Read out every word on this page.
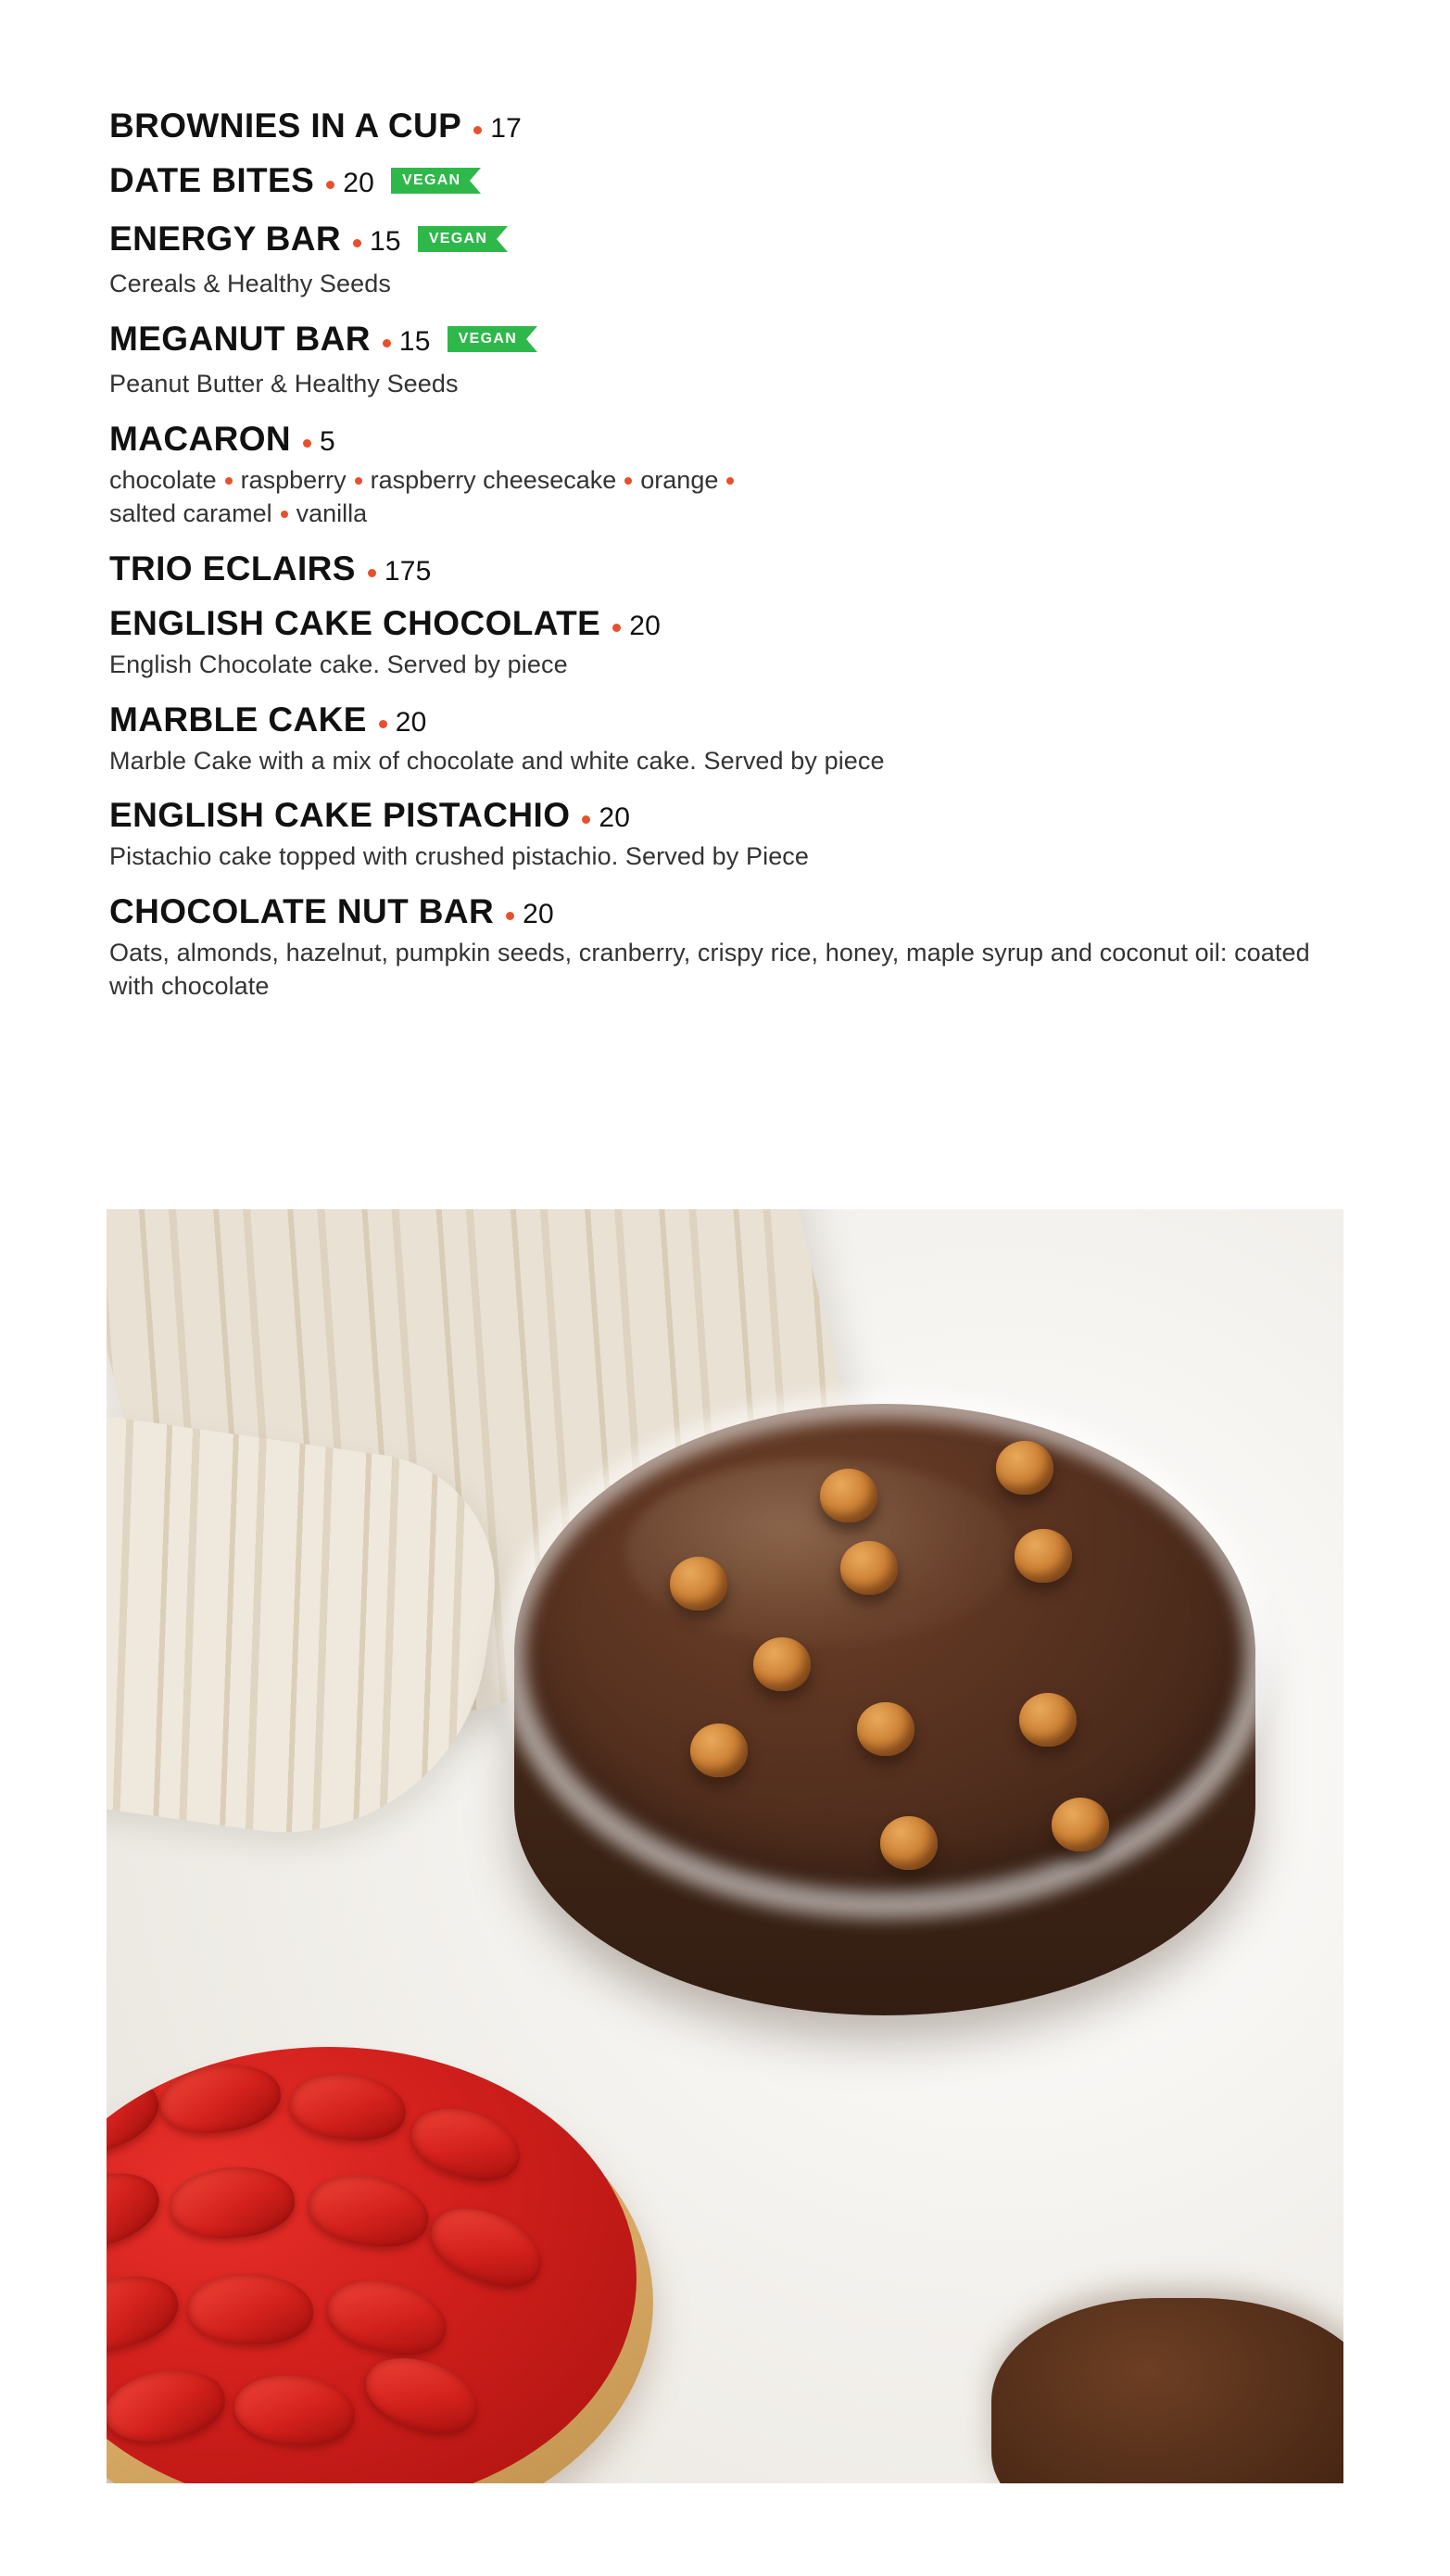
BROWNIES IN A CUP 17
DATE BITES 20	VEGAN
ENERGY BAR 15	VEGAN
Cereals & Healthy Seeds
MEGANUT BAR 15	VEGAN
Peanut Butter & Healthy Seeds
MACARON 5
chocolate raspberry raspberry cheesecake orange
salted caramel vanilla
TRIO ECLAIRS 175
ENGLISH CAKE CHOCOLATE 20
English Chocolate cake. Served by piece
MARBLE CAKE 20
Marble Cake with a mix of chocolate and white cake. Served by piece
ENGLISH CAKE PISTACHIO 20
Pistachio cake topped with crushed pistachio. Served by Piece
CHOCOLATE NUT BAR 20
Oats, almonds, hazelnut, pumpkin seeds, cranberry, crispy rice, honey, maple syrup and coconut oil: coated with chocolate
